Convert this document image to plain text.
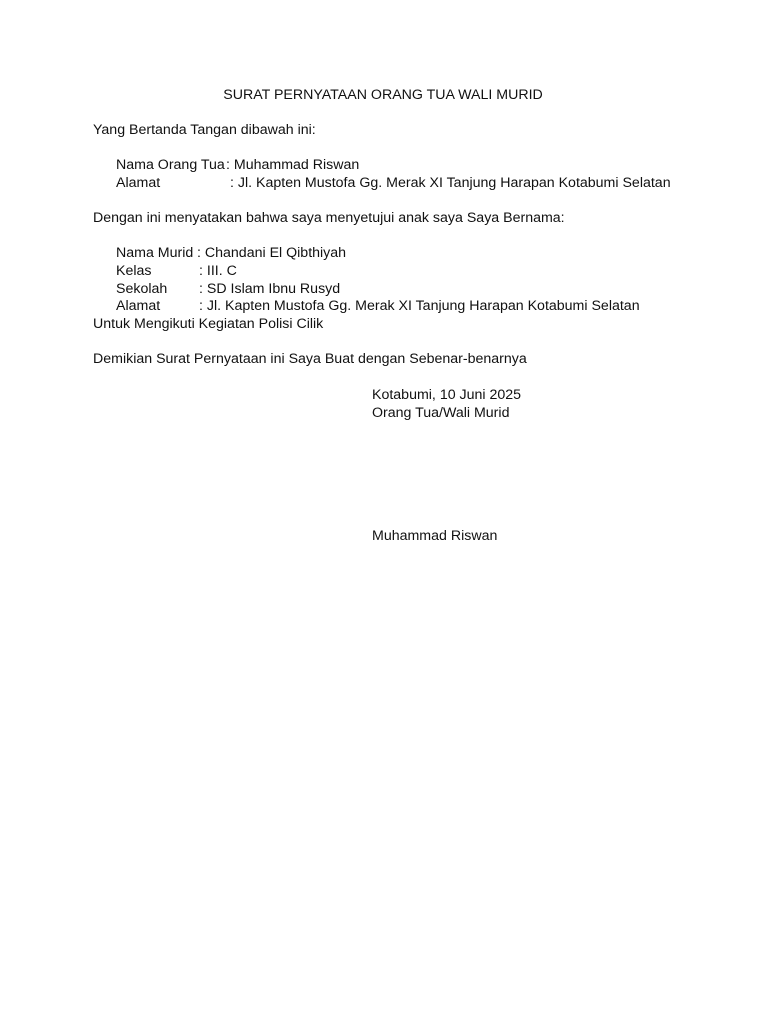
SURAT PERNYATAAN ORANG TUA WALI MURID
Yang Bertanda Tangan dibawah ini:
Nama Orang Tua : Muhammad Riswan
Alamat	: Jl. Kapten Mustofa Gg. Merak XI Tanjung Harapan Kotabumi Selatan
Dengan ini menyatakan bahwa saya menyetujui anak saya Saya Bernama:
Nama Murid : Chandani El Qibthiyah
Kelas	: III. C
Sekolah : SD Islam Ibnu Rusyd
Alamat	: Jl. Kapten Mustofa Gg. Merak XI Tanjung Harapan Kotabumi Selatan
Untuk Mengikuti Kegiatan Polisi Cilik
Demikian Surat Pernyataan ini Saya Buat dengan Sebenar-benarnya
Kotabumi, 10 Juni 2025
Orang Tua/Wali Murid
Muhammad Riswan
